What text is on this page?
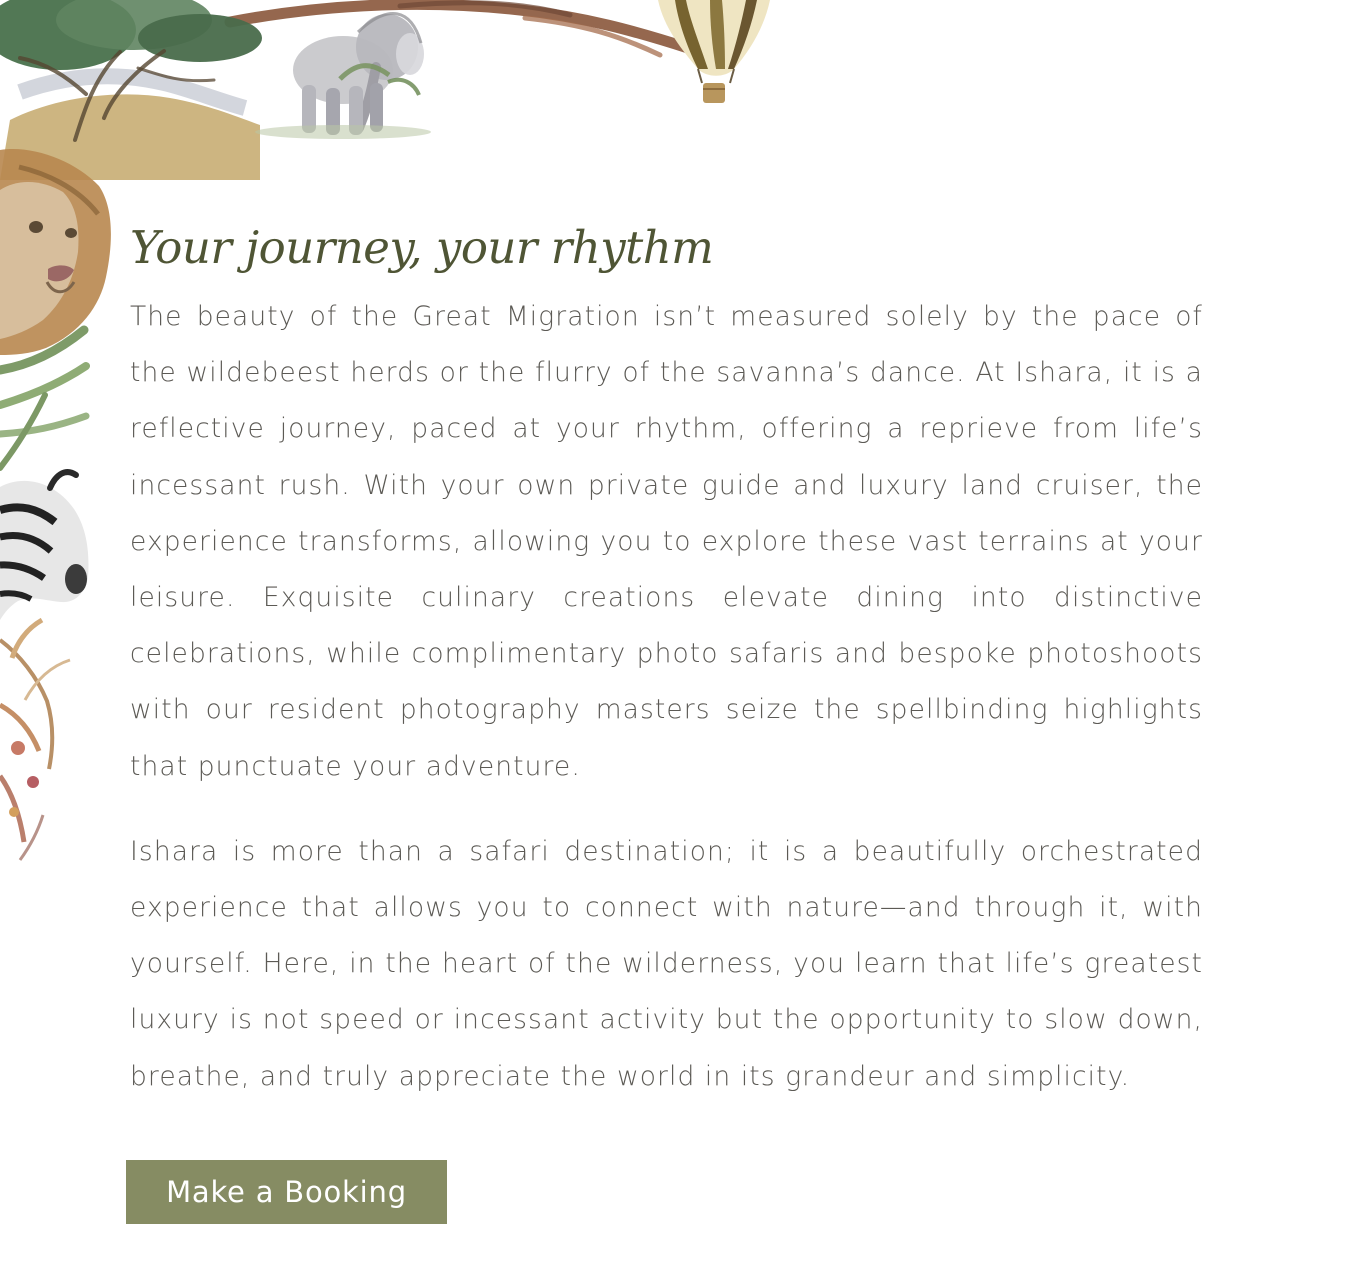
Your journey, your rhythm

The beauty of the Great Migration isn’t measured solely by the pace of the wildebeest herds or the flurry of the savanna’s dance. At Ishara, it is a reflective journey, paced at your rhythm, offering a reprieve from life’s incessant rush. With your own private guide and luxury land cruiser, the experience transforms, allowing you to explore these vast terrains at your leisure. Exquisite culinary creations elevate dining into distinctive celebrations, while complimentary photo safaris and bespoke photoshoots with our resident photography masters seize the spellbinding highlights that punctuate your adventure.

Ishara is more than a safari destination; it is a beautifully orchestrated experience that allows you to connect with nature—and through it, with yourself. Here, in the heart of the wilderness, you learn that life’s greatest luxury is not speed or incessant activity but the opportunity to slow down, breathe, and truly appreciate the world in its grandeur and simplicity.

Make a Booking
